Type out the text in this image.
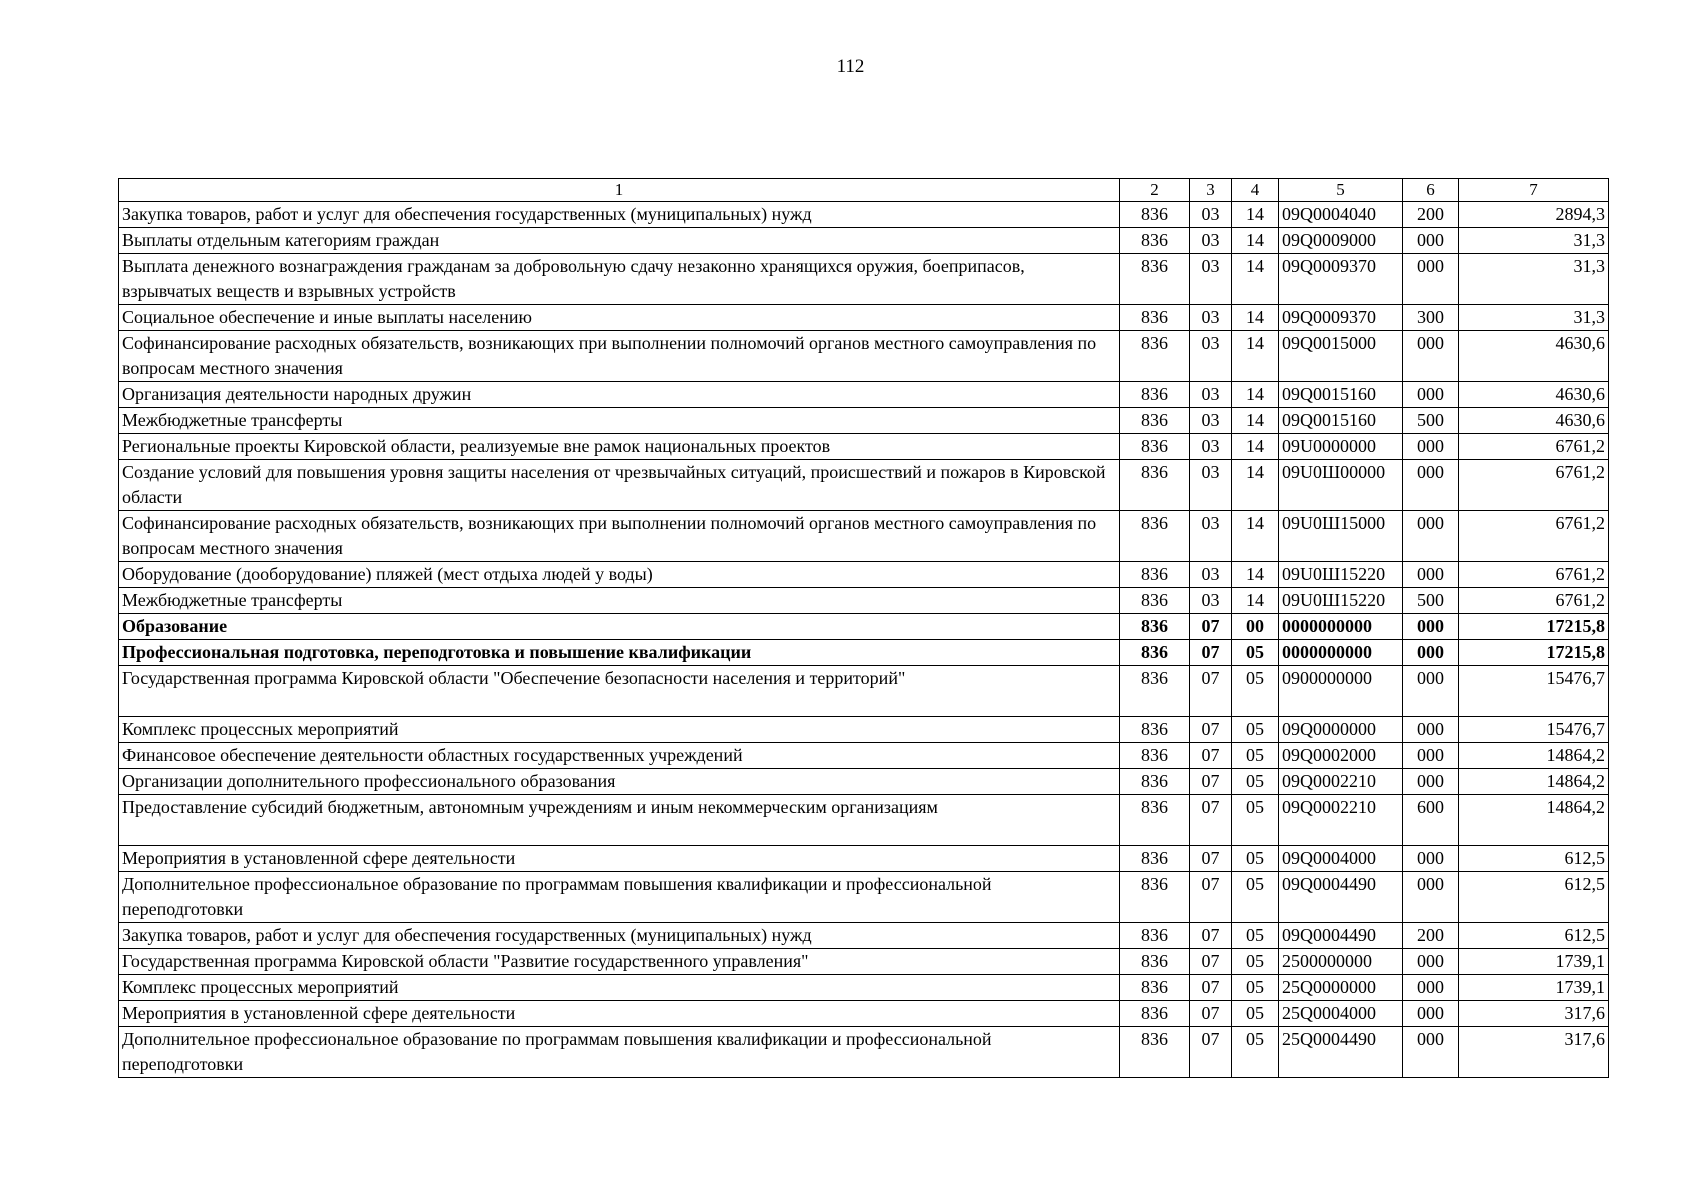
112
1	2	3	4	5	6	7
Закупка товаров, работ и услуг для обеспечения государственных (муниципальных) нужд	836	03	14	09Q0004040	200	2894,3
Выплаты отдельным категориям граждан	836	03	14	09Q0009000	000	31,3
Выплата денежного вознаграждения гражданам за добровольную сдачу незаконно хранящихся оружия, боеприпасов, взрывчатых веществ и взрывных устройств	836	03	14	09Q0009370	000	31,3
Социальное обеспечение и иные выплаты населению	836	03	14	09Q0009370	300	31,3
Софинансирование расходных обязательств, возникающих при выполнении полномочий органов местного самоуправления по вопросам местного значения	836	03	14	09Q0015000	000	4630,6
Организация деятельности народных дружин	836	03	14	09Q0015160	000	4630,6
Межбюджетные трансферты	836	03	14	09Q0015160	500	4630,6
Региональные проекты Кировской области, реализуемые вне рамок национальных проектов	836	03	14	09U0000000	000	6761,2
Создание условий для повышения уровня защиты населения от чрезвычайных ситуаций, происшествий и пожаров в Кировской области	836	03	14	09U0Ш00000	000	6761,2
Софинансирование расходных обязательств, возникающих при выполнении полномочий органов местного самоуправления по вопросам местного значения	836	03	14	09U0Ш15000	000	6761,2
Оборудование (дооборудование) пляжей (мест отдыха людей у воды)	836	03	14	09U0Ш15220	000	6761,2
Межбюджетные трансферты	836	03	14	09U0Ш15220	500	6761,2
Образование	836	07	00	0000000000	000	17215,8
Профессиональная подготовка, переподготовка и повышение квалификации	836	07	05	0000000000	000	17215,8
Государственная программа Кировской области "Обеспечение безопасности населения и территорий"	836	07	05	0900000000	000	15476,7
Комплекс процессных мероприятий	836	07	05	09Q0000000	000	15476,7
Финансовое обеспечение деятельности областных государственных учреждений	836	07	05	09Q0002000	000	14864,2
Организации дополнительного профессионального образования	836	07	05	09Q0002210	000	14864,2
Предоставление субсидий бюджетным, автономным учреждениям и иным некоммерческим организациям	836	07	05	09Q0002210	600	14864,2
Мероприятия в установленной сфере деятельности	836	07	05	09Q0004000	000	612,5
Дополнительное профессиональное образование по программам повышения квалификации и профессиональной переподготовки	836	07	05	09Q0004490	000	612,5
Закупка товаров, работ и услуг для обеспечения государственных (муниципальных) нужд	836	07	05	09Q0004490	200	612,5
Государственная программа Кировской области "Развитие государственного управления"	836	07	05	2500000000	000	1739,1
Комплекс процессных мероприятий	836	07	05	25Q0000000	000	1739,1
Мероприятия в установленной сфере деятельности	836	07	05	25Q0004000	000	317,6
Дополнительное профессиональное образование по программам повышения квалификации и профессиональной переподготовки	836	07	05	25Q0004490	000	317,6
